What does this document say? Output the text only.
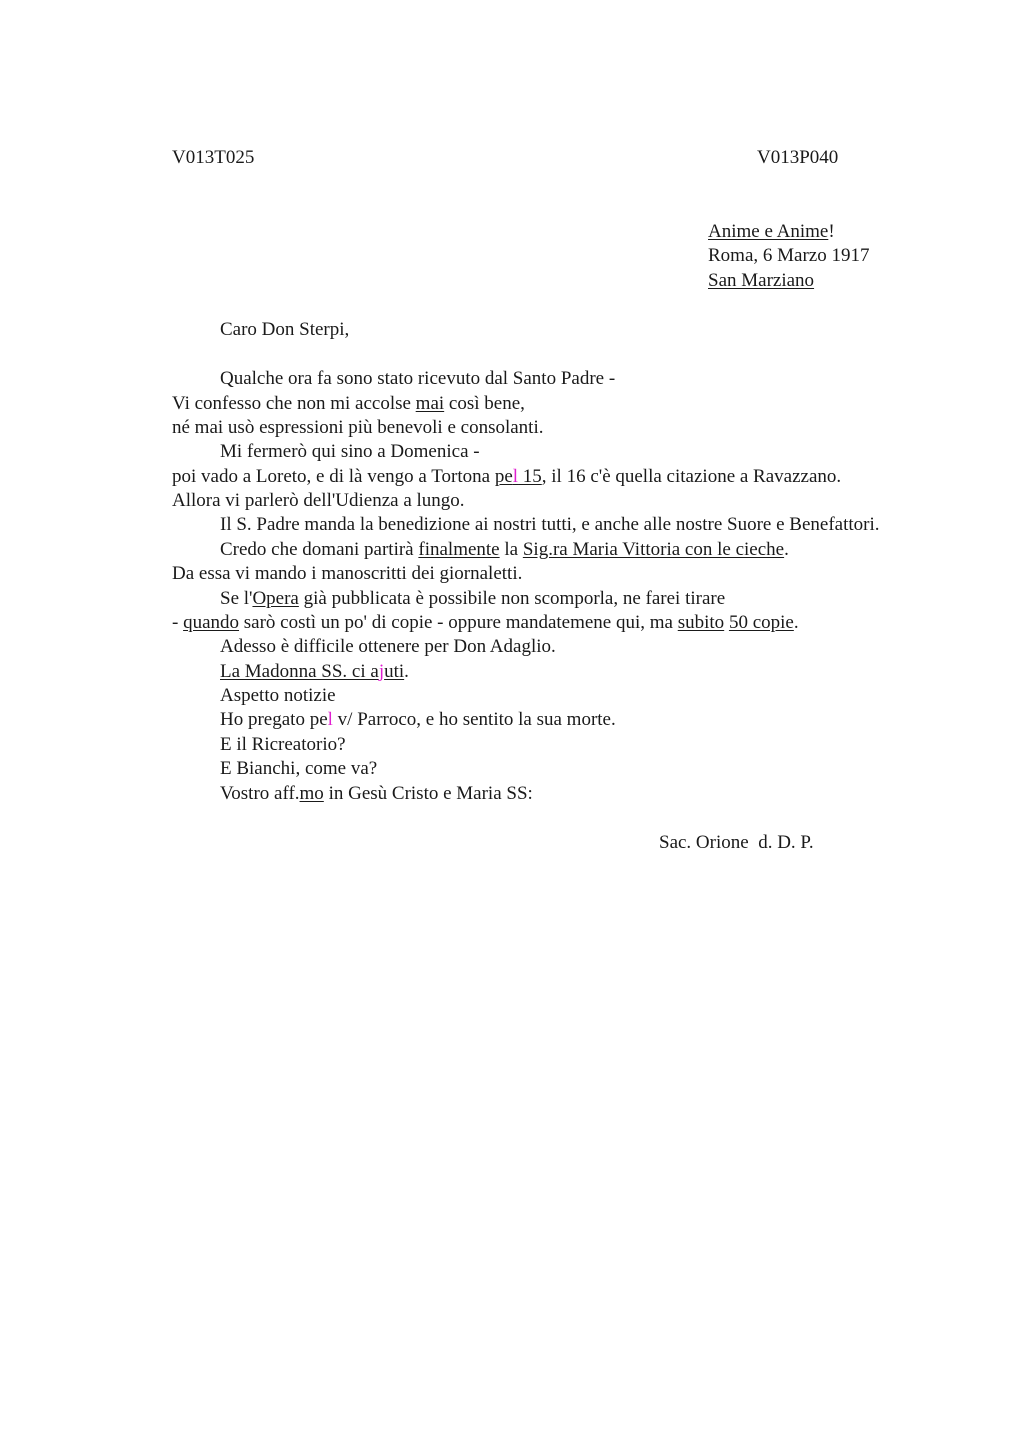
V013T025	V013P040
Anime e Anime!
Roma, 6 Marzo 1917
San Marziano
Caro Don Sterpi,
Qualche ora fa sono stato ricevuto dal Santo Padre -
Vi confesso che non mi accolse mai così bene,
né mai usò espressioni più benevoli e consolanti.
Mi fermerò qui sino a Domenica -
poi vado a Loreto, e di là vengo a Tortona pel 15, il 16 c'è quella citazione a Ravazzano.
Allora vi parlerò dell'Udienza a lungo.
Il S. Padre manda la benedizione ai nostri tutti, e anche alle nostre Suore e Benefattori.
Credo che domani partirà finalmente la Sig.ra Maria Vittoria con le cieche.
Da essa vi mando i manoscritti dei giornaletti.
Se l'Opera già pubblicata è possibile non scomporla, ne farei tirare
- quando sarò costì un po' di copie - oppure mandatemene qui, ma subito 50 copie.
Adesso è difficile ottenere per Don Adaglio.
La Madonna SS. ci ajuti.
Aspetto notizie
Ho pregato pel v/ Parroco, e ho sentito la sua morte.
E il Ricreatorio?
E Bianchi, come va?
Vostro aff.mo in Gesù Cristo e Maria SS:
Sac. Orione  d. D. P.
